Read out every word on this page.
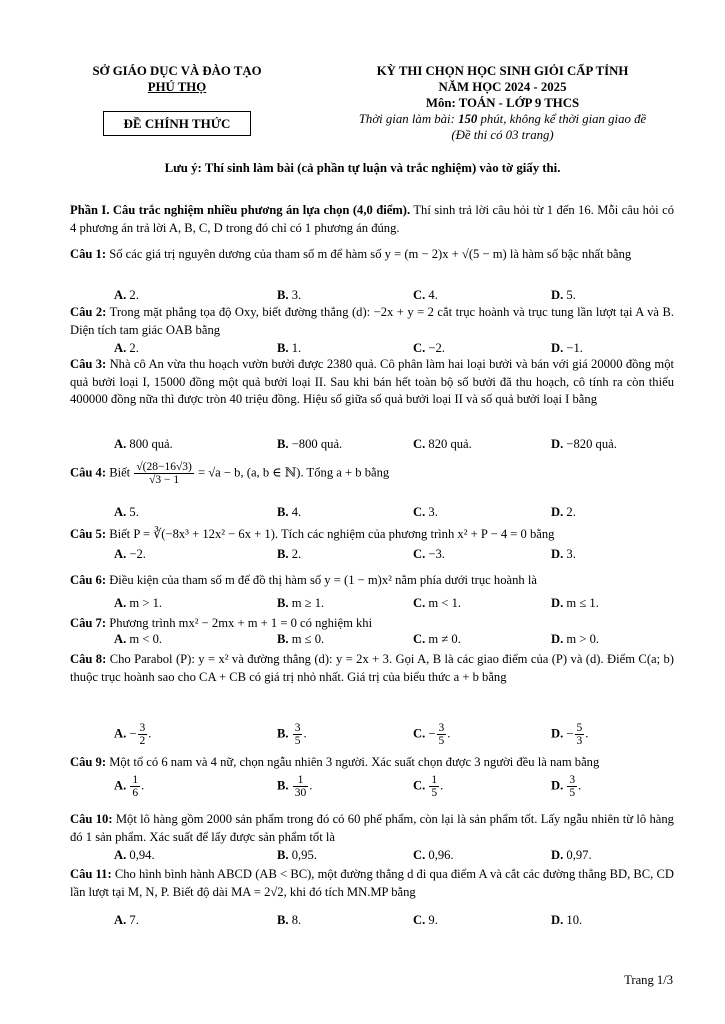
SỞ GIÁO DỤC VÀ ĐÀO TẠO
PHÚ THỌ
ĐỀ CHÍNH THỨC
KỲ THI CHỌN HỌC SINH GIỎI CẤP TỈNH
NĂM HỌC 2024 - 2025
Môn: TOÁN - LỚP 9 THCS
Thời gian làm bài: 150 phút, không kể thời gian giao đề
(Đề thi có 03 trang)
Lưu ý: Thí sinh làm bài (cả phần tự luận và trắc nghiệm) vào tờ giấy thi.
Phần I. Câu trắc nghiệm nhiều phương án lựa chọn (4,0 điểm). Thí sinh trả lời câu hỏi từ 1 đến 16. Mỗi câu hỏi có 4 phương án trả lời A, B, C, D trong đó chỉ có 1 phương án đúng.
Câu 1: Số các giá trị nguyên dương của tham số m để hàm số y = (m − 2)x + √(5 − m) là hàm số bậc nhất bằng
A. 2.	B. 3.	C. 4.	D. 5.
Câu 2: Trong mặt phẳng tọa độ Oxy, biết đường thẳng (d): −2x + y = 2 cắt trục hoành và trục tung lần lượt tại A và B. Diện tích tam giác OAB bằng
A. 2.	B. 1.	C. −2.	D. −1.
Câu 3: Nhà cô An vừa thu hoạch vườn bưởi được 2380 quả. Cô phân làm hai loại bưởi và bán với giá 20000 đồng một quả bưởi loại I, 15000 đồng một quả bưởi loại II. Sau khi bán hết toàn bộ số bưởi đã thu hoạch, cô tính ra còn thiếu 400000 đồng nữa thì được tròn 40 triệu đồng. Hiệu số giữa số quả bưởi loại II và số quả bưởi loại I bằng
A. 800 quả.	B. −800 quả.	C. 820 quả.	D. −820 quả.
Câu 4: Biết $\frac{√(28-16√3)}{√3 - 1} = √a - b$, (a, b ∈ ℕ). Tổng a + b bằng
A. 5.	B. 4.	C. 3.	D. 2.
Câu 5: Biết P = ∛(−8x³ + 12x² − 6x + 1). Tích các nghiệm của phương trình x² + P − 4 = 0 bằng
A. −2.	B. 2.	C. −3.	D. 3.
Câu 6: Điều kiện của tham số m để đồ thị hàm số y = (1 − m)x² nằm phía dưới trục hoành là
A. m > 1.	B. m ≥ 1.	C. m < 1.	D. m ≤ 1.
Câu 7: Phương trình mx² − 2mx + m + 1 = 0 có nghiệm khi
A. m < 0.	B. m ≤ 0.	C. m ≠ 0.	D. m > 0.
Câu 8: Cho Parabol (P): y = x² và đường thẳng (d): y = 2x + 3. Gọi A, B là các giao điểm của (P) và (d). Điểm C(a; b) thuộc trục hoành sao cho CA + CB có giá trị nhỏ nhất. Giá trị của biểu thức a + b bằng
A. − $\frac{3}{2}$ .	B. $\frac{3}{5}$ .	C. − $\frac{3}{5}$ .	D. − $\frac{5}{3}$ .
Câu 9: Một tổ có 6 nam và 4 nữ, chọn ngẫu nhiên 3 người. Xác suất chọn được 3 người đều là nam bằng
A. $\frac{1}{6}$ .	B. $\frac{1}{30}$ .	C. $\frac{1}{5}$ .	D. $\frac{3}{5}$ .
Câu 10: Một lô hàng gồm 2000 sản phẩm trong đó có 60 phế phẩm, còn lại là sản phẩm tốt. Lấy ngẫu nhiên từ lô hàng đó 1 sản phẩm. Xác suất để lấy được sản phẩm tốt là
A. 0,94.	B. 0,95.	C. 0,96.	D. 0,97.
Câu 11: Cho hình bình hành ABCD (AB < BC), một đường thẳng d đi qua điểm A và cắt các đường thẳng BD, BC, CD lần lượt tại M, N, P. Biết độ dài MA = 2√2, khi đó tích MN.MP bằng
A. 7.	B. 8.	C. 9.	D. 10.
Trang 1/3
